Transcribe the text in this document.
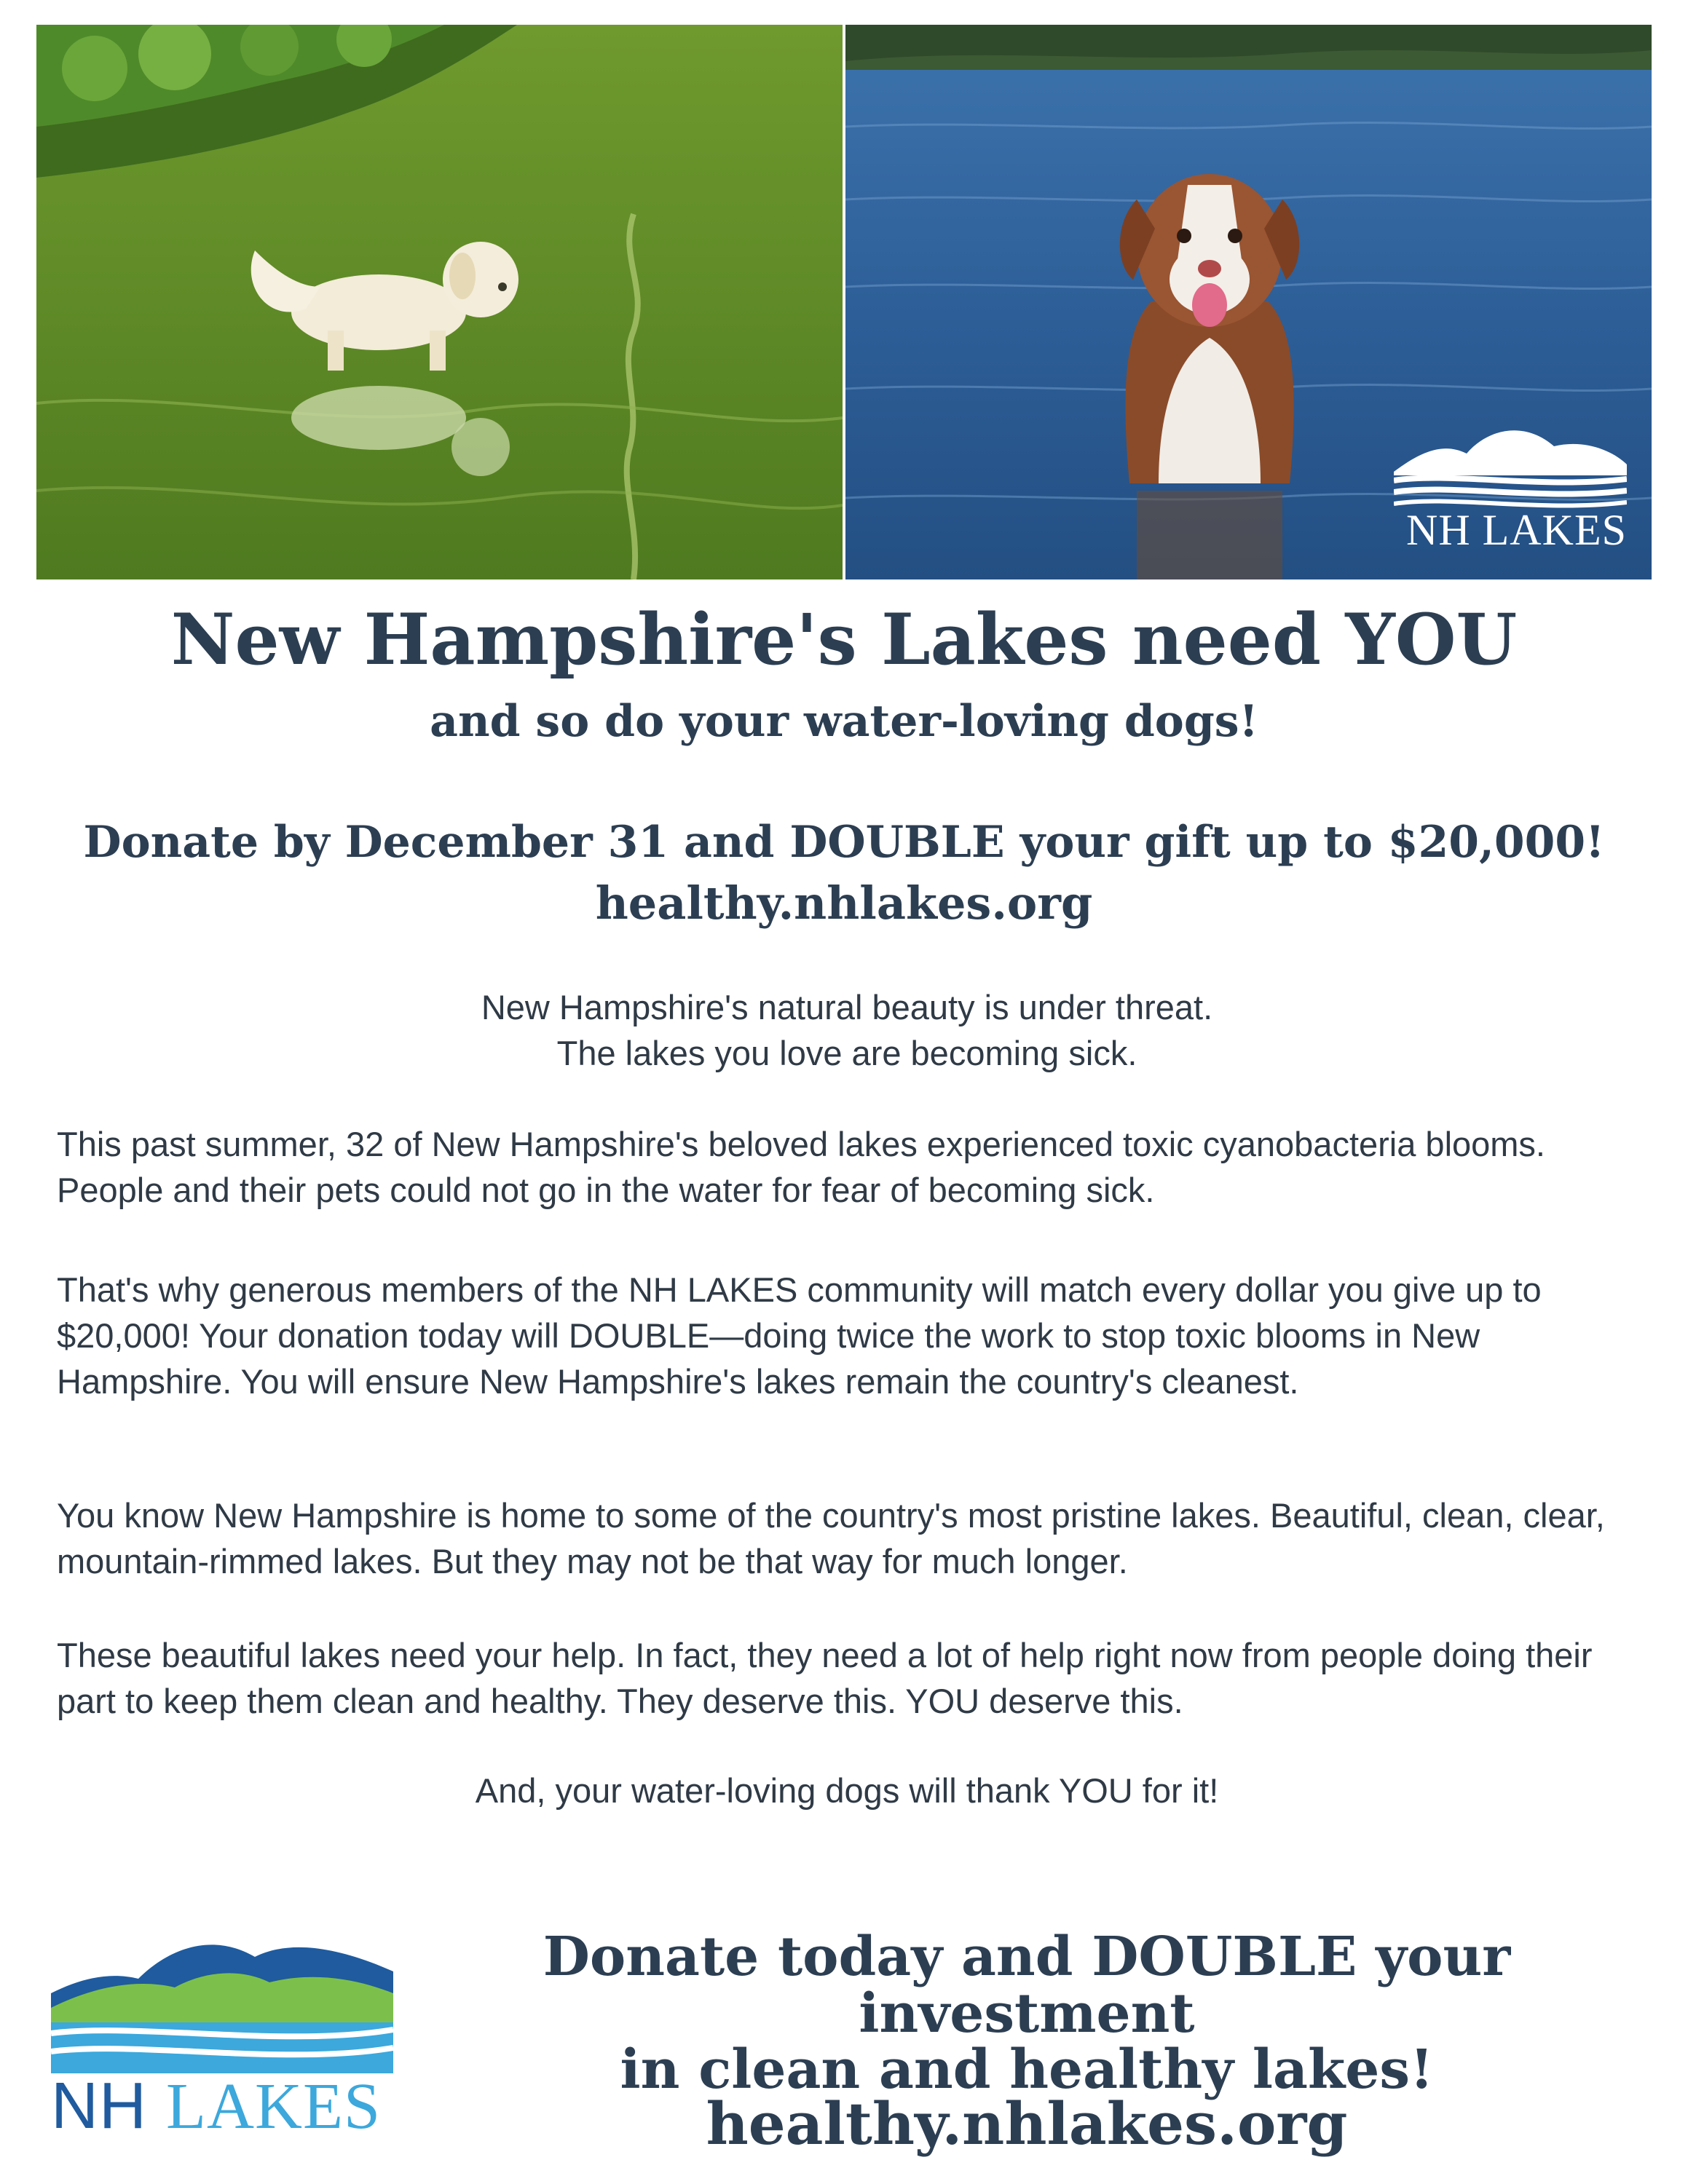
NH LAKES
New Hampshire's Lakes need YOU
and so do your water-loving dogs!
Donate by December 31 and DOUBLE your gift up to $20,000!
healthy.nhlakes.org
New Hampshire's natural beauty is under threat.
The lakes you love are becoming sick.

This past summer, 32 of New Hampshire's beloved lakes experienced toxic cyanobacteria blooms. People and their pets could not go in the water for fear of becoming sick.

That's why generous members of the NH LAKES community will match every dollar you give up to $20,000! Your donation today will DOUBLE—doing twice the work to stop toxic blooms in New Hampshire. You will ensure New Hampshire's lakes remain the country's cleanest.

You know New Hampshire is home to some of the country's most pristine lakes. Beautiful, clean, clear, mountain-rimmed lakes. But they may not be that way for much longer.

These beautiful lakes need your help. In fact, they need a lot of help right now from people doing their part to keep them clean and healthy. They deserve this. YOU deserve this.

And, your water-loving dogs will thank YOU for it!

NH LAKES
Donate today and DOUBLE your investment
in clean and healthy lakes!
healthy.nhlakes.org
